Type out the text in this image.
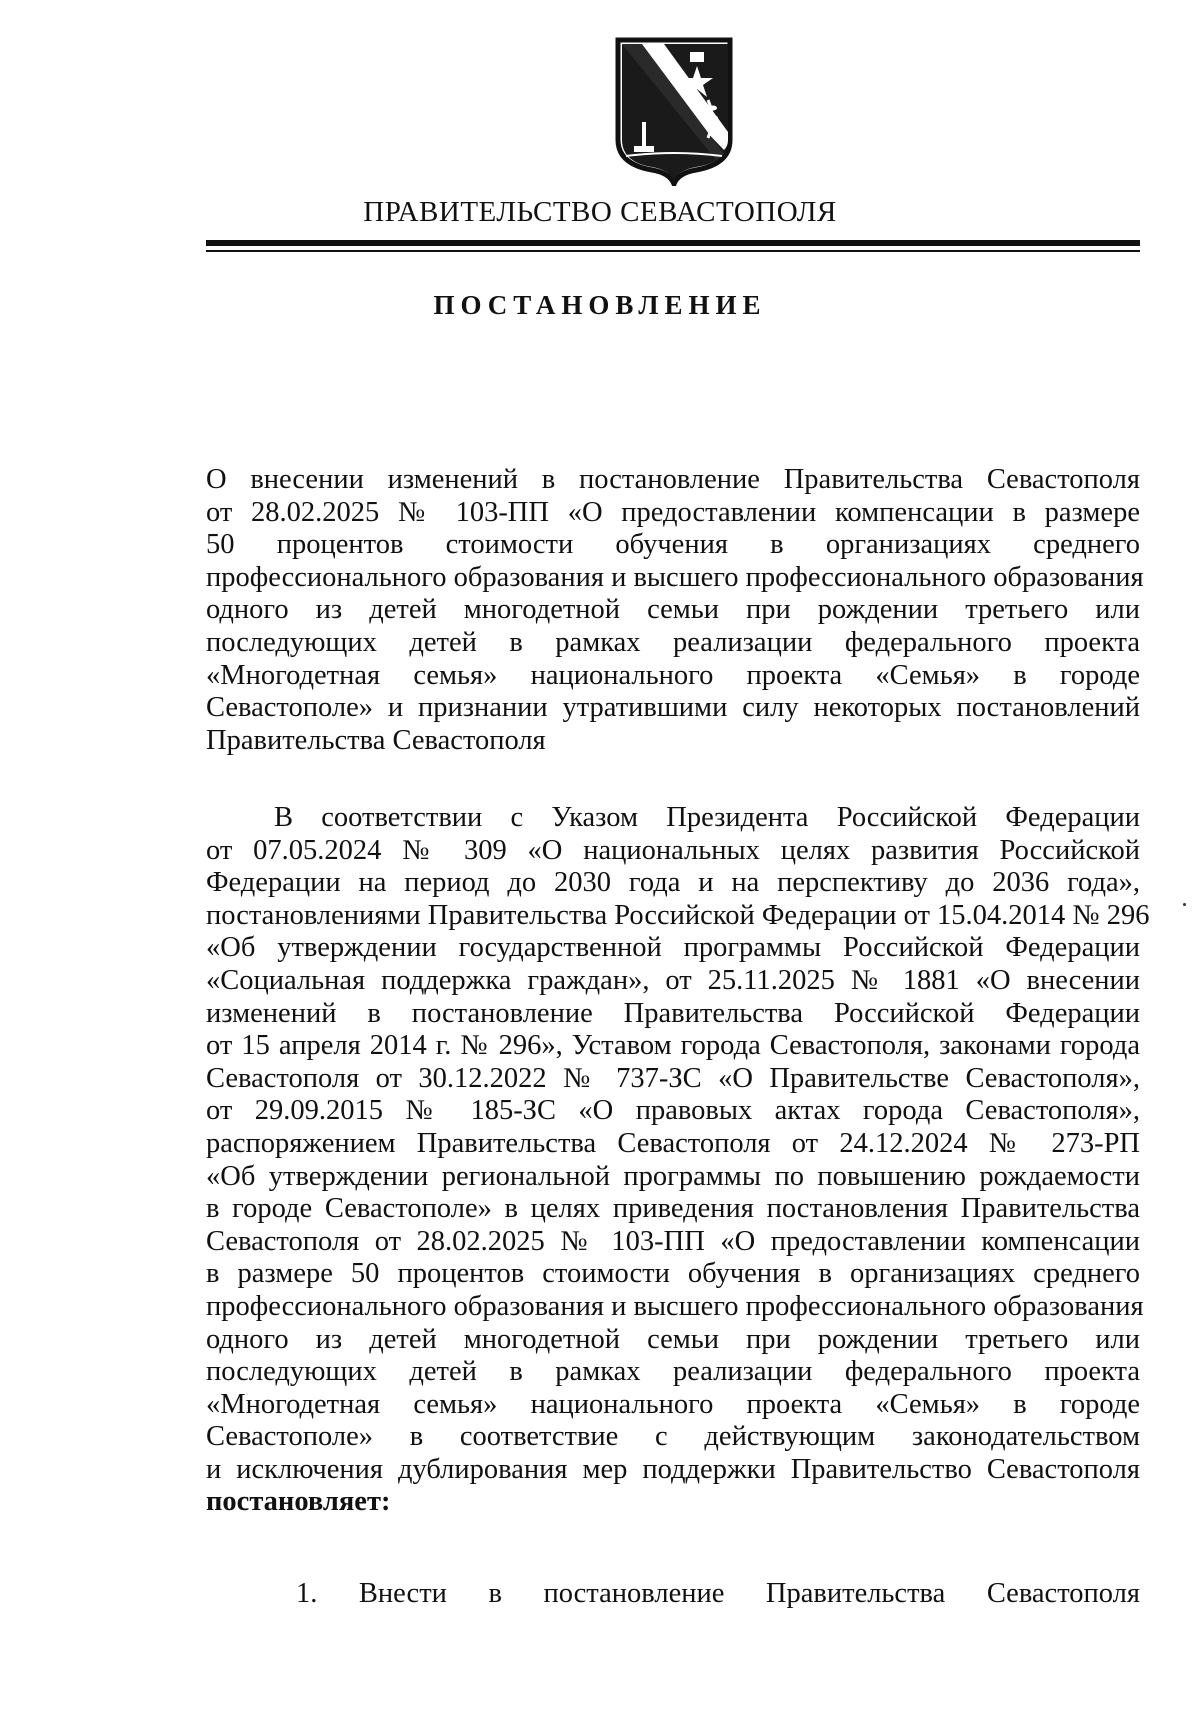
ПРАВИТЕЛЬСТВО СЕВАСТОПОЛЯ
ПОСТАНОВЛЕНИЕ
О внесении изменений в постановление Правительства Севастополя
от 28.02.2025 № 103-ПП «О предоставлении компенсации в размере
50 процентов стоимости обучения в организациях среднего
профессионального образования и высшего профессионального образования
одного из детей многодетной семьи при рождении третьего или
последующих детей в рамках реализации федерального проекта
«Многодетная семья» национального проекта «Семья» в городе
Севастополе» и признании утратившими силу некоторых постановлений
Правительства Севастополя
В соответствии с Указом Президента Российской Федерации
от 07.05.2024 № 309 «О национальных целях развития Российской
Федерации на период до 2030 года и на перспективу до 2036 года»,
постановлениями Правительства Российской Федерации от 15.04.2014 № 296
«Об утверждении государственной программы Российской Федерации
«Социальная поддержка граждан», от 25.11.2025 № 1881 «О внесении
изменений в постановление Правительства Российской Федерации
от 15 апреля 2014 г. № 296», Уставом города Севастополя, законами города
Севастополя от 30.12.2022 № 737-ЗС «О Правительстве Севастополя»,
от 29.09.2015 № 185-ЗС «О правовых актах города Севастополя»,
распоряжением Правительства Севастополя от 24.12.2024 № 273-РП
«Об утверждении региональной программы по повышению рождаемости
в городе Севастополе» в целях приведения постановления Правительства
Севастополя от 28.02.2025 № 103-ПП «О предоставлении компенсации
в размере 50 процентов стоимости обучения в организациях среднего
профессионального образования и высшего профессионального образования
одного из детей многодетной семьи при рождении третьего или
последующих детей в рамках реализации федерального проекта
«Многодетная семья» национального проекта «Семья» в городе
Севастополе» в соответствие с действующим законодательством
и исключения дублирования мер поддержки Правительство Севастополя
постановляет:
1. Внести в постановление Правительства Севастополя
